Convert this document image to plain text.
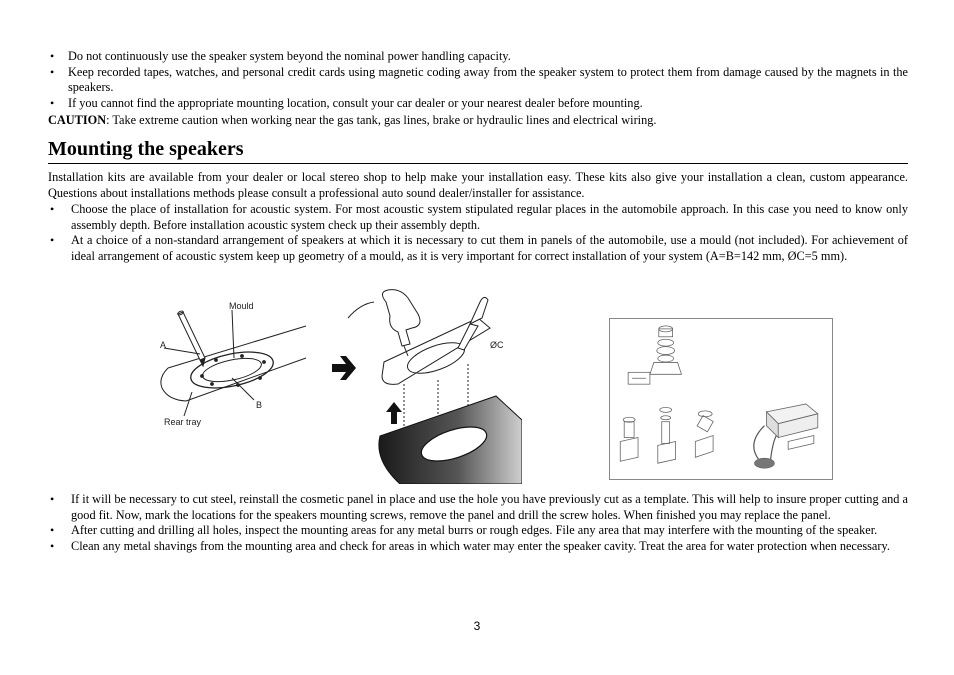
• Do not continuously use the speaker system beyond the nominal power handling capacity.
• Keep recorded tapes, watches, and personal credit cards using magnetic coding away from the speaker system to protect them from damage caused by the magnets in the speakers.
• If you cannot find the appropriate mounting location, consult your car dealer or your nearest dealer before mounting.

CAUTION: Take extreme caution when working near the gas tank, gas lines, brake or hydraulic lines and electrical wiring.

Mounting the speakers

Installation kits are available from your dealer or local stereo shop to help make your installation easy. These kits also give your installation a clean, custom appearance. Questions about installations methods please consult a professional auto sound dealer/installer for assistance.

• Choose the place of installation for acoustic system. For most acoustic system stipulated regular places in the automobile approach. In this case you need to know only assembly depth. Before installation acoustic system check up their assembly depth.
• At a choice of a non-standard arrangement of speakers at which it is necessary to cut them in panels of the automobile, use a mould (not included). For achievement of ideal arrangement of acoustic system keep up geometry of a mould, as it is very important for correct installation of your system (A=B=142 mm, ØC=5 mm).
Mould
A
B
Rear tray
ØC
• If it will be necessary to cut steel, reinstall the cosmetic panel in place and use the hole you have previously cut as a template. This will help to insure proper cutting and a good fit. Now, mark the locations for the speakers mounting screws, remove the panel and drill the screw holes. When finished you may replace the panel.
• After cutting and drilling all holes, inspect the mounting areas for any metal burrs or rough edges. File any area that may interfere with the mounting of the speaker.
• Clean any metal shavings from the mounting area and check for areas in which water may enter the speaker cavity. Treat the area for water protection when necessary.
3
